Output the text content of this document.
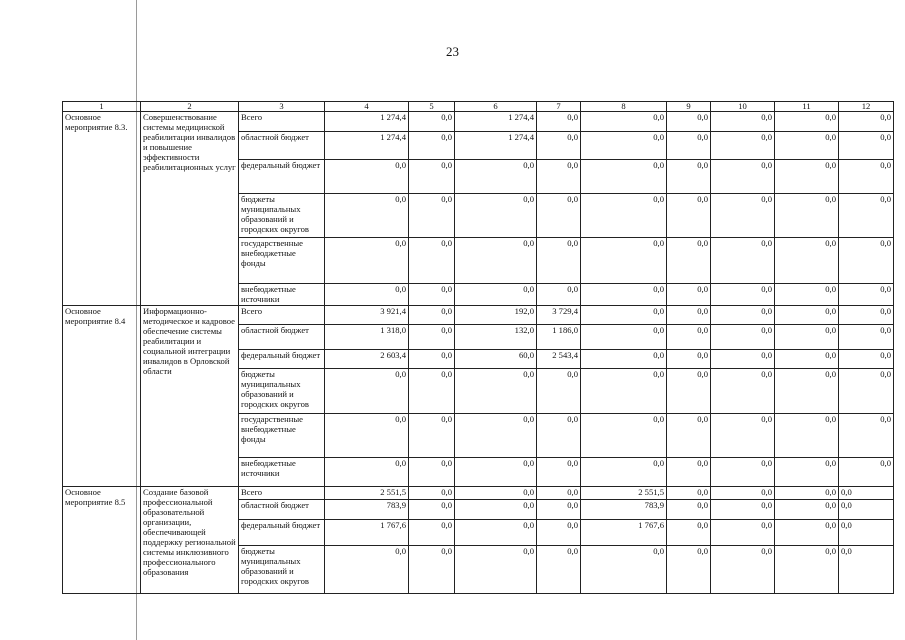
23
1	2	3	4	5	6	7	8	9	10	11	12
Основное мероприятие 8.3.	Совершенствование системы медицинской реабилитации инвалидов и повышение эффективности реабилитационных услуг	Всего	1 274,4	0,0	1 274,4	0,0	0,0	0,0	0,0	0,0	0,0
		областной бюджет	1 274,4	0,0	1 274,4	0,0	0,0	0,0	0,0	0,0	0,0
		федеральный бюджет	0,0	0,0	0,0	0,0	0,0	0,0	0,0	0,0	0,0
		бюджеты муниципальных образований и городских округов	0,0	0,0	0,0	0,0	0,0	0,0	0,0	0,0	0,0
		государственные внебюджетные фонды	0,0	0,0	0,0	0,0	0,0	0,0	0,0	0,0	0,0
		внебюджетные источники	0,0	0,0	0,0	0,0	0,0	0,0	0,0	0,0	0,0
Основное мероприятие 8.4	Информационно-методическое и кадровое обеспечение системы реабилитации и социальной интеграции инвалидов в Орловской области	Всего	3 921,4	0,0	192,0	3 729,4	0,0	0,0	0,0	0,0	0,0
		областной бюджет	1 318,0	0,0	132,0	1 186,0	0,0	0,0	0,0	0,0	0,0
		федеральный бюджет	2 603,4	0,0	60,0	2 543,4	0,0	0,0	0,0	0,0	0,0
		бюджеты муниципальных образований и городских округов	0,0	0,0	0,0	0,0	0,0	0,0	0,0	0,0	0,0
		государственные внебюджетные фонды	0,0	0,0	0,0	0,0	0,0	0,0	0,0	0,0	0,0
		внебюджетные источники	0,0	0,0	0,0	0,0	0,0	0,0	0,0	0,0	0,0
Основное мероприятие 8.5	Создание базовой профессиональной образовательной организации, обеспечивающей поддержку региональной системы инклюзивного профессионального образования	Всего	2 551,5	0,0	0,0	0,0	2 551,5	0,0	0,0	0,0	0,0
		областной бюджет	783,9	0,0	0,0	0,0	783,9	0,0	0,0	0,0	0,0
		федеральный бюджет	1 767,6	0,0	0,0	0,0	1 767,6	0,0	0,0	0,0	0,0
		бюджеты муниципальных образований и городских округов	0,0	0,0	0,0	0,0	0,0	0,0	0,0	0,0	0,0
